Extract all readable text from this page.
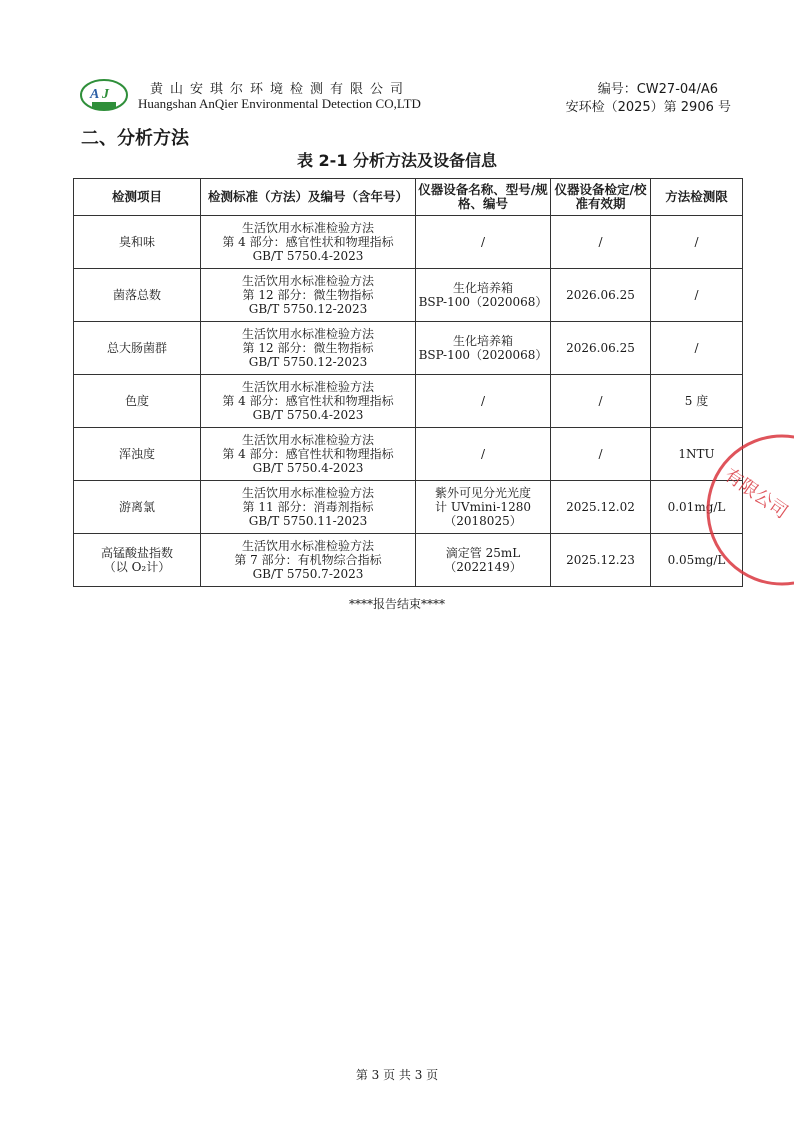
A J	黄山安琪尔环境检测有限公司
Huangshan AnQier Environmental Detection CO,LTD
编号：CW27-04/A6
安环检（2025）第 2906 号
二、分析方法
表 2-1 分析方法及设备信息
检测项目	检测标准（方法）及编号（含年号）	仪器设备名称、型号/规格、编号	仪器设备检定/校准有效期	方法检测限

臭和味	生活饮用水标准检验方法
第 4 部分：感官性状和物理指标
GB/T 5750.4-2023	/	/	/

菌落总数	生活饮用水标准检验方法
第 12 部分：微生物指标
GB/T 5750.12-2023	生化培养箱
BSP-100（2020068）	2026.06.25	/

总大肠菌群	生活饮用水标准检验方法
第 12 部分：微生物指标
GB/T 5750.12-2023	生化培养箱
BSP-100（2020068）	2026.06.25	/

色度	生活饮用水标准检验方法
第 4 部分：感官性状和物理指标
GB/T 5750.4-2023	/	/	5 度

浑浊度	生活饮用水标准检验方法
第 4 部分：感官性状和物理指标
GB/T 5750.4-2023	/	/	1NTU

游离氯	生活饮用水标准检验方法
第 11 部分：消毒剂指标
GB/T 5750.11-2023	紫外可见分光光度
计 UVmini-1280
（2018025）	2025.12.02	0.01mg/L

高锰酸盐指数
（以 O₂计）	生活饮用水标准检验方法
第 7 部分：有机物综合指标
GB/T 5750.7-2023	滴定管 25mL
（2022149）	2025.12.23	0.05mg/L
****报告结束****
第 3 页 共 3 页
有限公司
